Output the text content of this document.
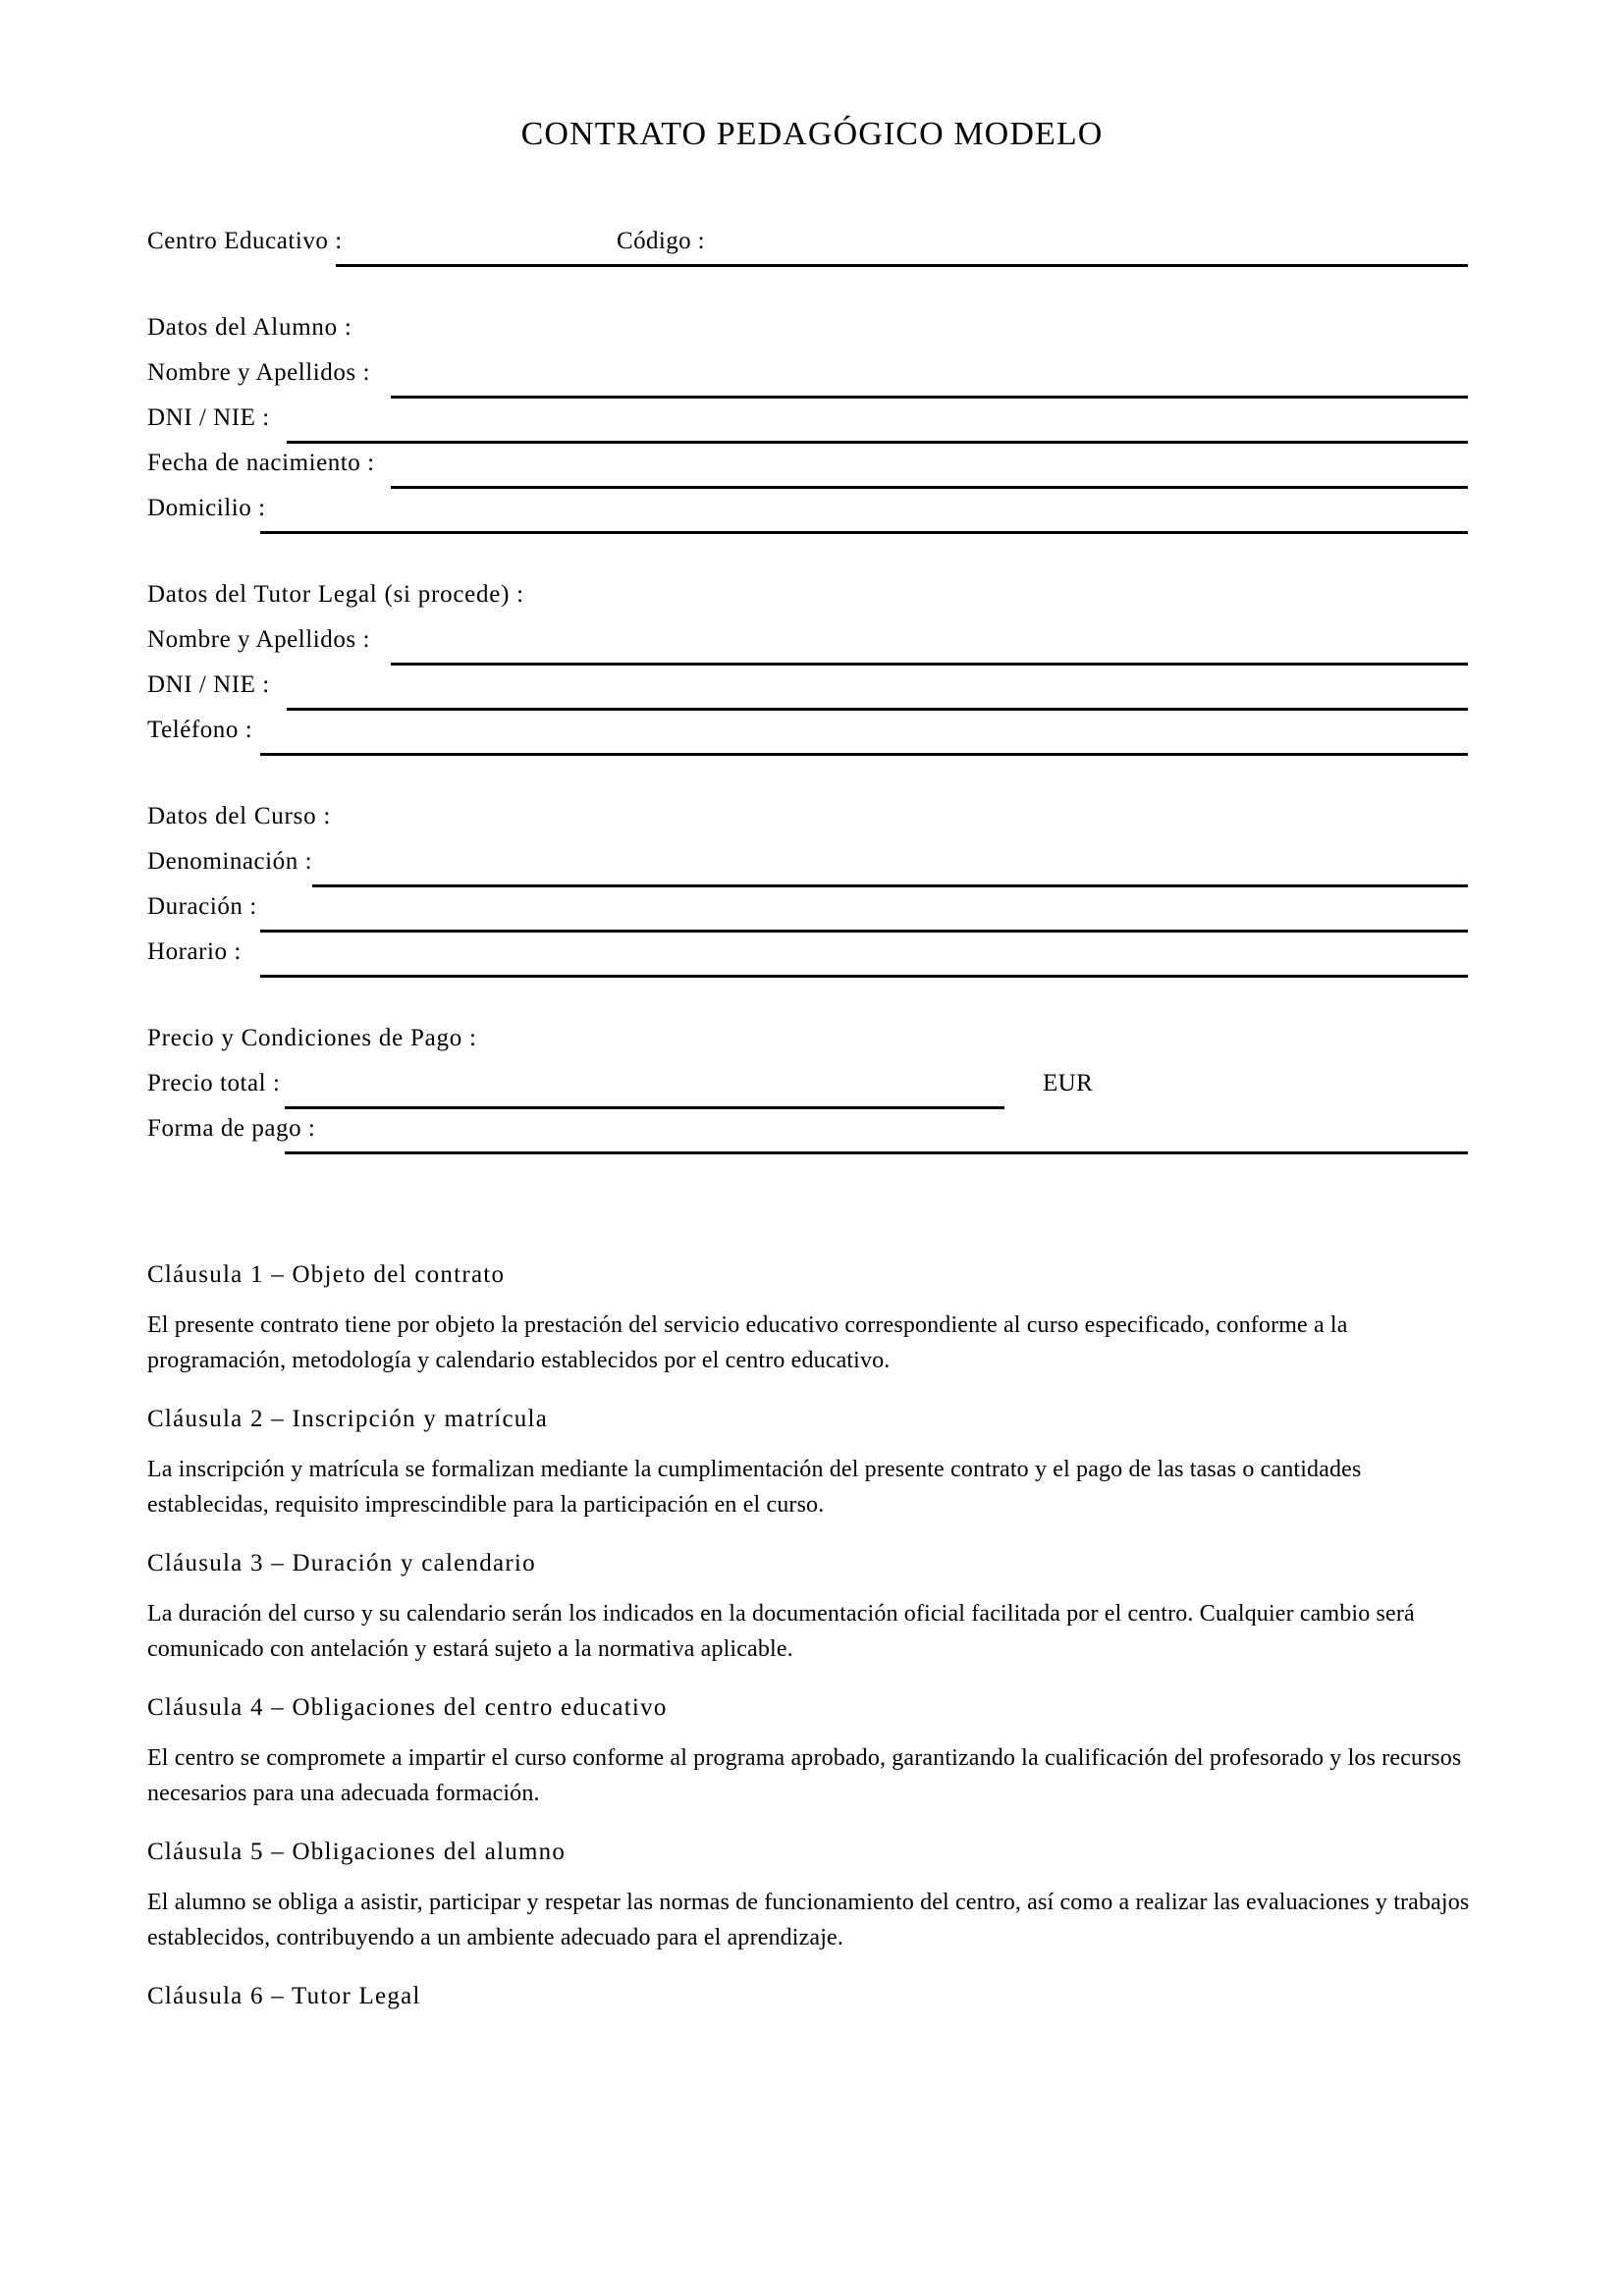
CONTRATO PEDAGÓGICO MODELO
Centro Educativo :	Código :
Datos del Alumno :
Nombre y Apellidos :
DNI / NIE :
Fecha de nacimiento :
Domicilio :
Datos del Tutor Legal (si procede) :
Nombre y Apellidos :
DNI / NIE :
Teléfono :
Datos del Curso :
Denominación :
Duración :
Horario :
Precio y Condiciones de Pago :
Precio total :	EUR
Forma de pago :

Cláusula 1 – Objeto del contrato

El presente contrato tiene por objeto la prestación del servicio educativo correspondiente al curso especificado, conforme a la programación, metodología y calendario establecidos por el centro educativo.

Cláusula 2 – Inscripción y matrícula

La inscripción y matrícula se formalizan mediante la cumplimentación del presente contrato y el pago de las tasas o cantidades establecidas, requisito imprescindible para la participación en el curso.

Cláusula 3 – Duración y calendario

La duración del curso y su calendario serán los indicados en la documentación oficial facilitada por el centro. Cualquier cambio será comunicado con antelación y estará sujeto a la normativa aplicable.

Cláusula 4 – Obligaciones del centro educativo

El centro se compromete a impartir el curso conforme al programa aprobado, garantizando la cualificación del profesorado y los recursos necesarios para una adecuada formación.

Cláusula 5 – Obligaciones del alumno

El alumno se obliga a asistir, participar y respetar las normas de funcionamiento del centro, así como a realizar las evaluaciones y trabajos establecidos, contribuyendo a un ambiente adecuado para el aprendizaje.

Cláusula 6 – Tutor Legal
